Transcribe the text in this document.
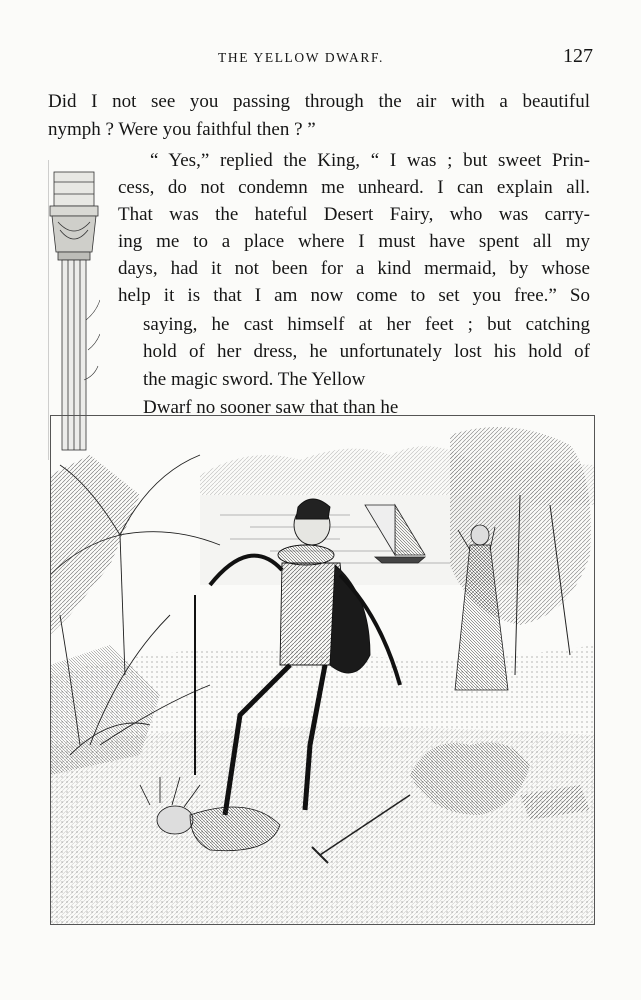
THE YELLOW DWARF.	127
Did I not see you passing through the air with a beautiful
nymph ? Were you faithful then ? ”
“ Yes,” replied the King, “ I was ; but sweet Prin-
cess, do not condemn me unheard. I can explain all.
That was the hateful Desert Fairy, who was carry-
ing me to a place where I must have spent all my
days, had it not been for a kind mermaid, by whose
help it is that I am now come to set you free.” So
saying, he cast himself at her feet ; but catching
hold of her dress, he unfortunately lost his hold of
the magic sword. The Yellow
Dwarf no sooner saw that than he
